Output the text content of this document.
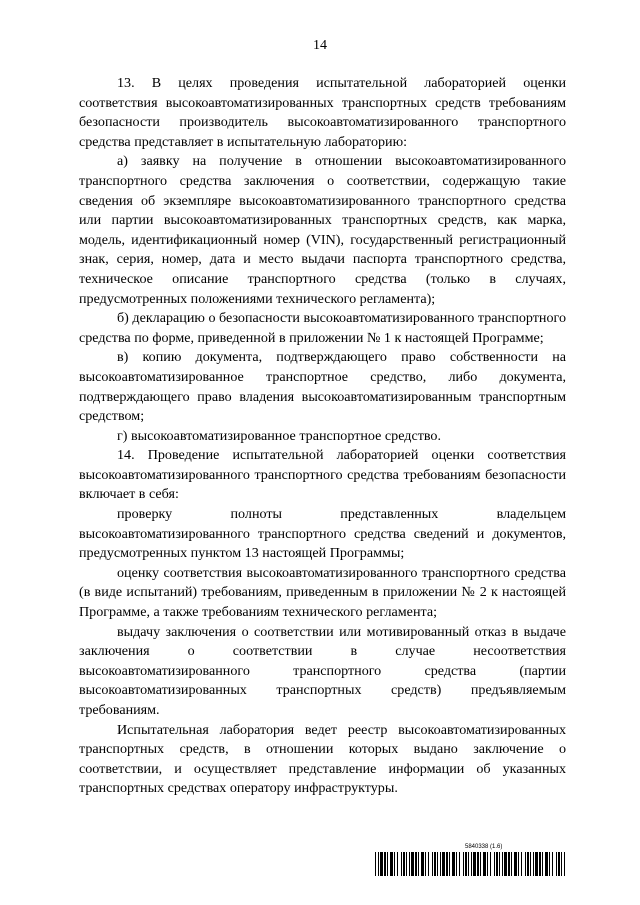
14

13. В целях проведения испытательной лабораторией оценки соответствия высокоавтоматизированных транспортных средств требованиям безопасности производитель высокоавтоматизированного транспортного средства представляет в испытательную лабораторию:

а) заявку на получение в отношении высокоавтоматизированного транспортного средства заключения о соответствии, содержащую такие сведения об экземпляре высокоавтоматизированного транспортного средства или партии высокоавтоматизированных транспортных средств, как марка, модель, идентификационный номер (VIN), государственный регистрационный знак, серия, номер, дата и место выдачи паспорта транспортного средства, техническое описание транспортного средства (только в случаях, предусмотренных положениями технического регламента);

б) декларацию о безопасности высокоавтоматизированного транспортного средства по форме, приведенной в приложении № 1 к настоящей Программе;

в) копию документа, подтверждающего право собственности на высокоавтоматизированное транспортное средство, либо документа, подтверждающего право владения высокоавтоматизированным транспортным средством;

г) высокоавтоматизированное транспортное средство.

14. Проведение испытательной лабораторией оценки соответствия высокоавтоматизированного транспортного средства требованиям безопасности включает в себя:

проверку полноты представленных владельцем высокоавтоматизированного транспортного средства сведений и документов, предусмотренных пунктом 13 настоящей Программы;

оценку соответствия высокоавтоматизированного транспортного средства (в виде испытаний) требованиям, приведенным в приложении № 2 к настоящей Программе, а также требованиям технического регламента;

выдачу заключения о соответствии или мотивированный отказ в выдаче заключения о соответствии в случае несоответствия высокоавтоматизированного транспортного средства (партии высокоавтоматизированных транспортных средств) предъявляемым требованиям.

Испытательная лаборатория ведет реестр высокоавтоматизированных транспортных средств, в отношении которых выдано заключение о соответствии, и осуществляет представление информации об указанных транспортных средствах оператору инфраструктуры.

5840338 (1.6)
